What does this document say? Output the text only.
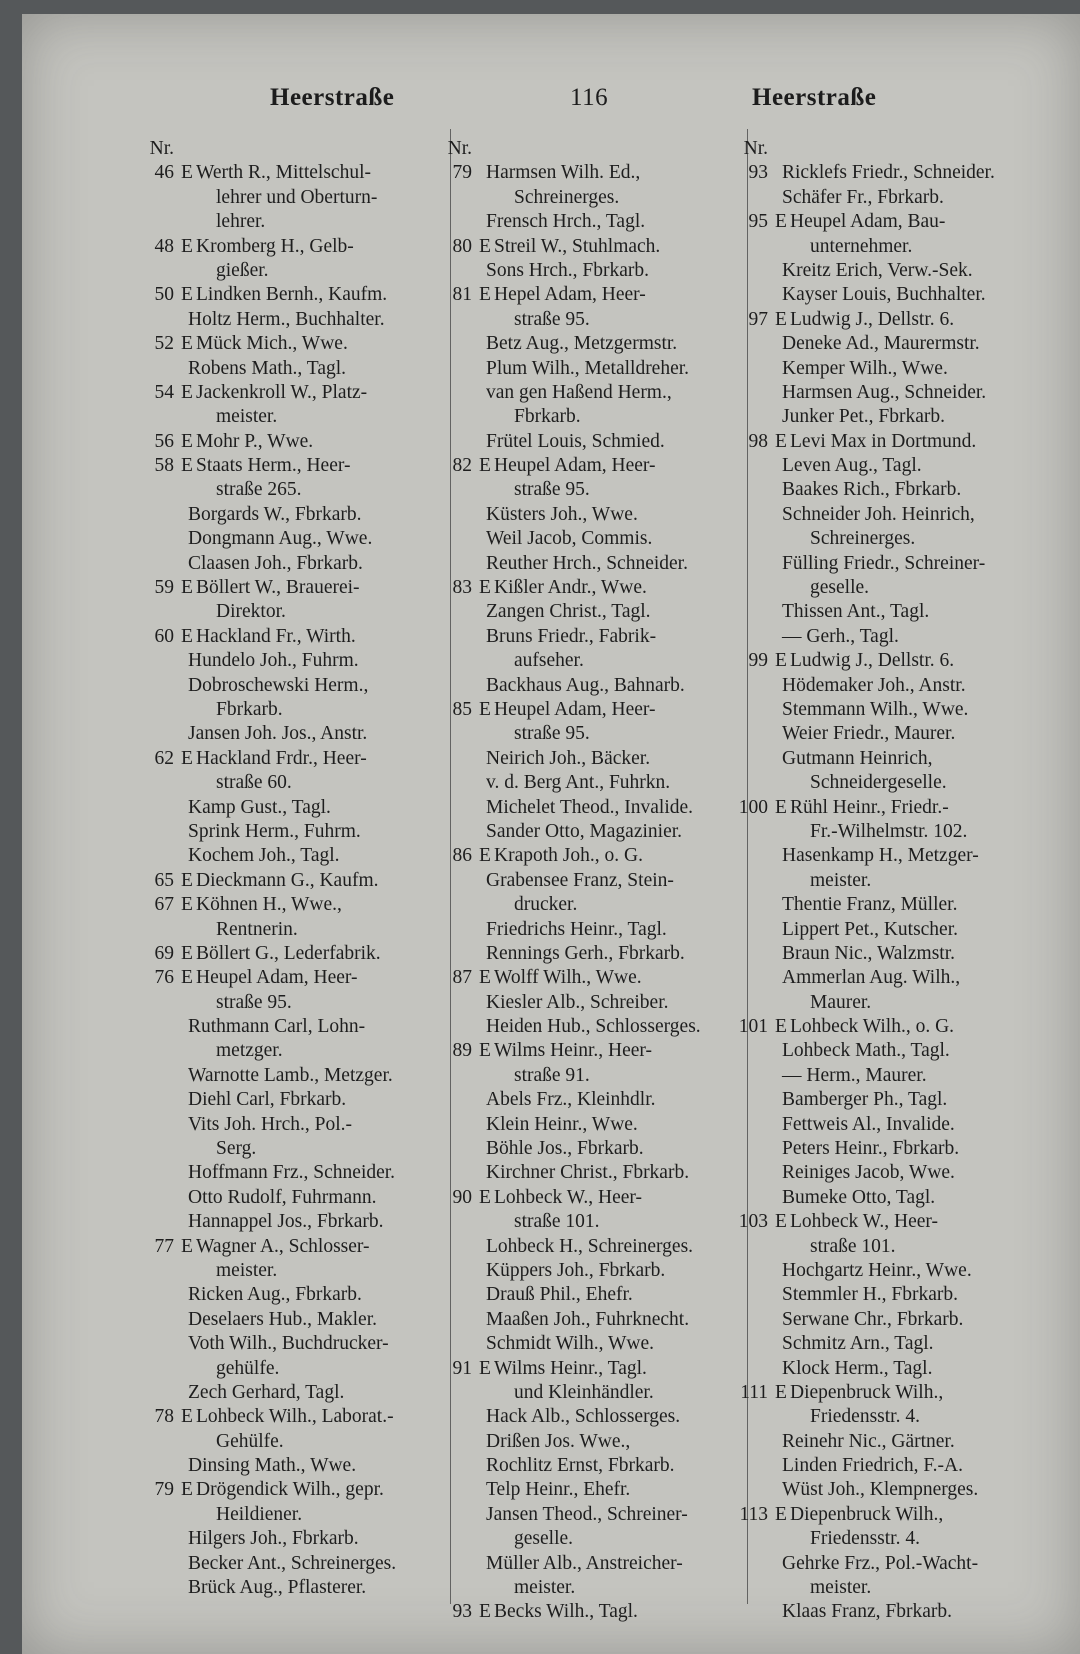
Heerstraße	116	Heerstraße
Nr.
46 E Werth R., Mittelschul-
lehrer und Oberturn-
lehrer.
48 E Kromberg H., Gelb-
gießer.
50 E Lindken Bernh., Kaufm.
Holtz Herm., Buchhalter.
52 E Mück Mich., Wwe.
Robens Math., Tagl.
54 E Jackenkroll W., Platz-
meister.
56 E Mohr P., Wwe.
58 E Staats Herm., Heer-
straße 265.
Borgards W., Fbrkarb.
Dongmann Aug., Wwe.
Claasen Joh., Fbrkarb.
59 E Böllert W., Brauerei-
Direktor.
60 E Hackland Fr., Wirth.
Hundelo Joh., Fuhrm.
Dobroschewski Herm.,
Fbrkarb.
Jansen Joh. Jos., Anstr.
62 E Hackland Frdr., Heer-
straße 60.
Kamp Gust., Tagl.
Sprink Herm., Fuhrm.
Kochem Joh., Tagl.
65 E Dieckmann G., Kaufm.
67 E Köhnen H., Wwe.,
Rentnerin.
69 E Böllert G., Lederfabrik.
76 E Heupel Adam, Heer-
straße 95.
Ruthmann Carl, Lohn-
metzger.
Warnotte Lamb., Metzger.
Diehl Carl, Fbrkarb.
Vits Joh. Hrch., Pol.-
Serg.
Hoffmann Frz., Schneider.
Otto Rudolf, Fuhrmann.
Hannappel Jos., Fbrkarb.
77 E Wagner A., Schlosser-
meister.
Ricken Aug., Fbrkarb.
Deselaers Hub., Makler.
Voth Wilh., Buchdrucker-
gehülfe.
Zech Gerhard, Tagl.
78 E Lohbeck Wilh., Laborat.-
Gehülfe.
Dinsing Math., Wwe.
79 E Drögendick Wilh., gepr.
Heildiener.
Hilgers Joh., Fbrkarb.
Becker Ant., Schreinerges.
Brück Aug., Pflasterer.
Nr.
79 Harmsen Wilh. Ed.,
Schreinerges.
Frensch Hrch., Tagl.
80 E Streil W., Stuhlmach.
Sons Hrch., Fbrkarb.
81 E Hepel Adam, Heer-
straße 95.
Betz Aug., Metzgermstr.
Plum Wilh., Metalldreher.
van gen Haßend Herm.,
Fbrkarb.
Frütel Louis, Schmied.
82 E Heupel Adam, Heer-
straße 95.
Küsters Joh., Wwe.
Weil Jacob, Commis.
Reuther Hrch., Schneider.
83 E Kißler Andr., Wwe.
Zangen Christ., Tagl.
Bruns Friedr., Fabrik-
aufseher.
Backhaus Aug., Bahnarb.
85 E Heupel Adam, Heer-
straße 95.
Neirich Joh., Bäcker.
v. d. Berg Ant., Fuhrkn.
Michelet Theod., Invalide.
Sander Otto, Magazinier.
86 E Krapoth Joh., o. G.
Grabensee Franz, Stein-
drucker.
Friedrichs Heinr., Tagl.
Rennings Gerh., Fbrkarb.
87 E Wolff Wilh., Wwe.
Kiesler Alb., Schreiber.
Heiden Hub., Schlosserges.
89 E Wilms Heinr., Heer-
straße 91.
Abels Frz., Kleinhdlr.
Klein Heinr., Wwe.
Böhle Jos., Fbrkarb.
Kirchner Christ., Fbrkarb.
90 E Lohbeck W., Heer-
straße 101.
Lohbeck H., Schreinerges.
Küppers Joh., Fbrkarb.
Drauß Phil., Ehefr.
Maaßen Joh., Fuhrknecht.
Schmidt Wilh., Wwe.
91 E Wilms Heinr., Tagl.
und Kleinhändler.
Hack Alb., Schlosserges.
Drißen Jos. Wwe.,
Rochlitz Ernst, Fbrkarb.
Telp Heinr., Ehefr.
Jansen Theod., Schreiner-
geselle.
Müller Alb., Anstreicher-
meister.
93 E Becks Wilh., Tagl.
Nr.
93 Ricklefs Friedr., Schneider.
Schäfer Fr., Fbrkarb.
95 E Heupel Adam, Bau-
unternehmer.
Kreitz Erich, Verw.-Sek.
Kayser Louis, Buchhalter.
97 E Ludwig J., Dellstr. 6.
Deneke Ad., Maurermstr.
Kemper Wilh., Wwe.
Harmsen Aug., Schneider.
Junker Pet., Fbrkarb.
98 E Levi Max in Dortmund.
Leven Aug., Tagl.
Baakes Rich., Fbrkarb.
Schneider Joh. Heinrich,
Schreinerges.
Fülling Friedr., Schreiner-
geselle.
Thissen Ant., Tagl.
— Gerh., Tagl.
99 E Ludwig J., Dellstr. 6.
Hödemaker Joh., Anstr.
Stemmann Wilh., Wwe.
Weier Friedr., Maurer.
Gutmann Heinrich,
Schneidergeselle.
100 E Rühl Heinr., Friedr.-
Fr.-Wilhelmstr. 102.
Hasenkamp H., Metzger-
meister.
Thentie Franz, Müller.
Lippert Pet., Kutscher.
Braun Nic., Walzmstr.
Ammerlan Aug. Wilh.,
Maurer.
101 E Lohbeck Wilh., o. G.
Lohbeck Math., Tagl.
— Herm., Maurer.
Bamberger Ph., Tagl.
Fettweis Al., Invalide.
Peters Heinr., Fbrkarb.
Reiniges Jacob, Wwe.
Bumeke Otto, Tagl.
103 E Lohbeck W., Heer-
straße 101.
Hochgartz Heinr., Wwe.
Stemmler H., Fbrkarb.
Serwane Chr., Fbrkarb.
Schmitz Arn., Tagl.
Klock Herm., Tagl.
111 E Diepenbruck Wilh.,
Friedensstr. 4.
Reinehr Nic., Gärtner.
Linden Friedrich, F.-A.
Wüst Joh., Klempnerges.
113 E Diepenbruck Wilh.,
Friedensstr. 4.
Gehrke Frz., Pol.-Wacht-
meister.
Klaas Franz, Fbrkarb.
